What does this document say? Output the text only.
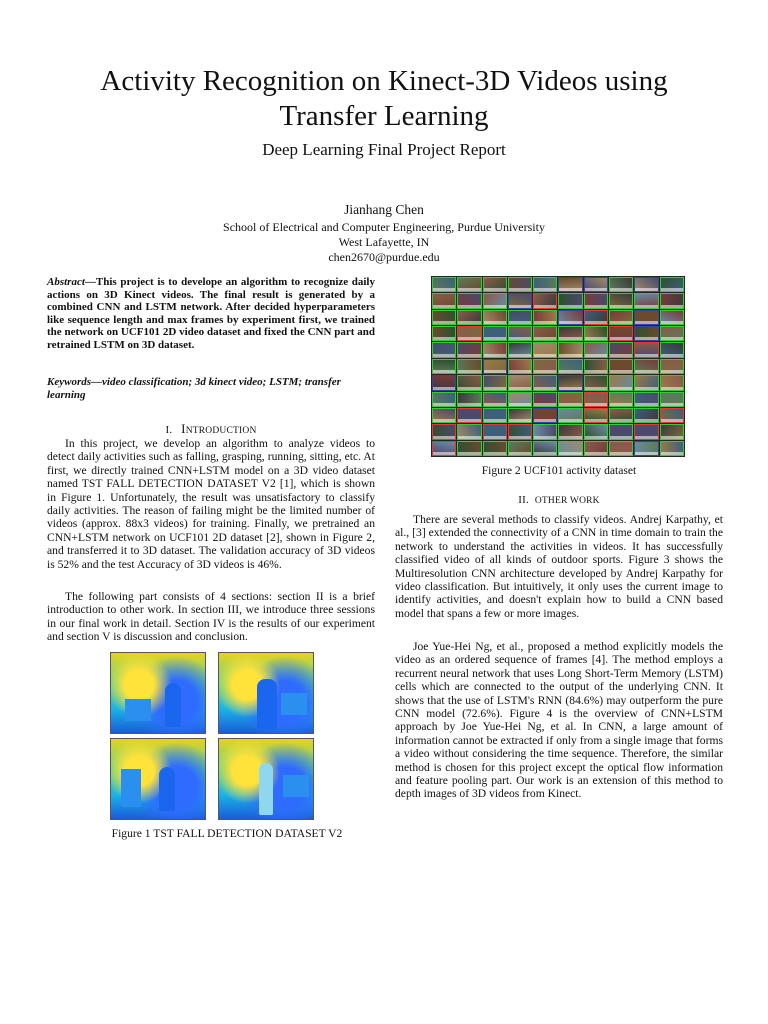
Activity Recognition on Kinect-3D Videos using
Transfer Learning
Deep Learning Final Project Report
Jianhang Chen
School of Electrical and Computer Engineering, Purdue University
West Lafayette, IN
chen2670@purdue.edu
Abstract—This project is to develope an algorithm to recognize daily actions on 3D Kinect videos. The final result is generated by a combined CNN and LSTM network. After decided hyperparameters like sequence length and max frames by experiment first, we trained the network on UCF101 2D video dataset and fixed the CNN part and retrained LSTM on 3D dataset.
Keywords—video classification; 3d kinect video; LSTM; transfer learning
I. INTRODUCTION

In this project, we develop an algorithm to analyze videos to detect daily activities such as falling, grasping, running, sitting, etc. At first, we directly trained CNN+LSTM model on a 3D video dataset named TST FALL DETECTION DATASET V2 [1], which is shown in Figure 1. Unfortunately, the result was unsatisfactory to classify daily activities. The reason of failing might be the limited number of videos (approx. 88x3 videos) for training. Finally, we pretrained an CNN+LSTM network on UCF101 2D dataset [2], shown in Figure 2, and transferred it to 3D dataset. The validation accuracy of 3D videos is 52% and the test Accuracy of 3D videos is 46%.

The following part consists of 4 sections: section II is a brief introduction to other work. In section III, we introduce three sessions in our final work in detail. Section IV is the results of our experiment and section V is discussion and conclusion.

Figure 1 TST FALL DETECTION DATASET V2
Figure 2 UCF101 activity dataset
II. OTHER WORK

There are several methods to classify videos. Andrej Karpathy, et al., [3] extended the connectivity of a CNN in time domain to train the network to understand the activities in videos. It has successfully classified video of all kinds of outdoor sports. Figure 3 shows the Multiresolution CNN architecture developed by Andrej Karpathy for video classification. But intuitively, it only uses the current image to identify activities, and doesn't explain how to build a CNN based model that spans a few or more images.

Joe Yue-Hei Ng, et al., proposed a method explicitly models the video as an ordered sequence of frames [4]. The method employs a recurrent neural network that uses Long Short-Term Memory (LSTM) cells which are connected to the output of the underlying CNN. It shows that the use of LSTM's RNN (84.6%) may outperform the pure CNN model (72.6%). Figure 4 is the overview of CNN+LSTM approach by Joe Yue-Hei Ng, et al. In CNN, a large amount of information cannot be extracted if only from a single image that forms a video without considering the time sequence. Therefore, the similar method is chosen for this project except the optical flow information and feature pooling part. Our work is an extension of this method to depth images of 3D videos from Kinect.
